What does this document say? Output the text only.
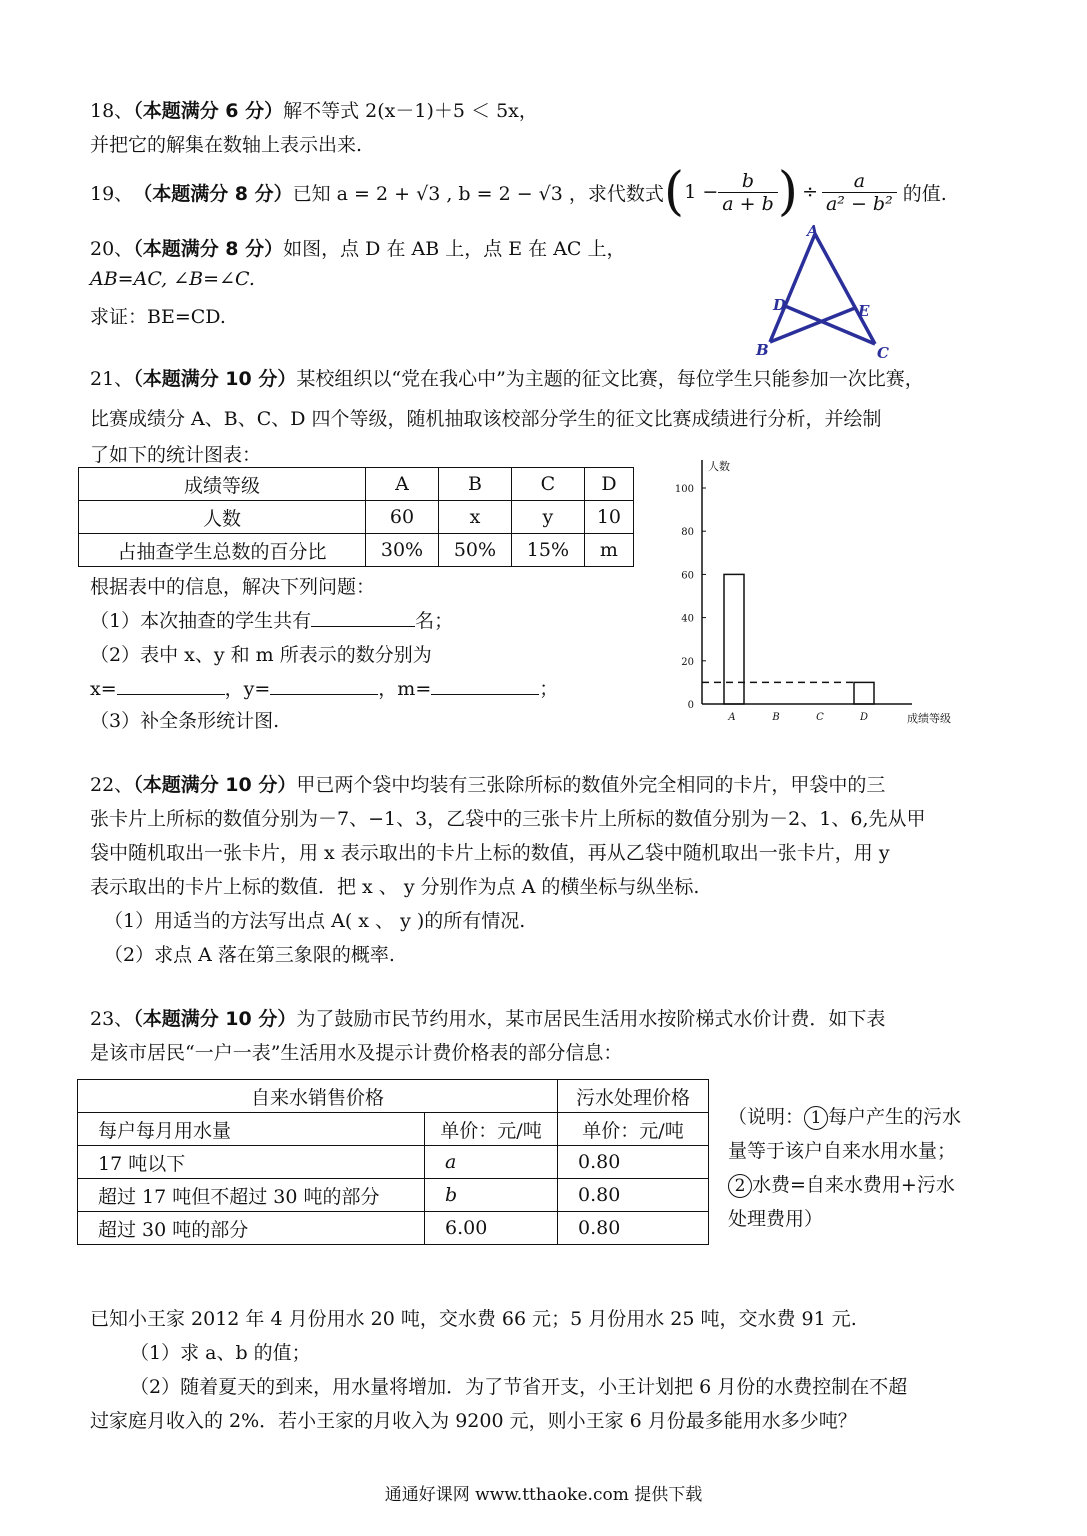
18、（本题满分 6 分）解不等式 2(x－1)＋5 ＜ 5x，
并把它的解集在数轴上表示出来.
19、 （本题满分 8 分） 已知 a = 2 + √3 , b = 2 − √3 ，求代数式 ( $1 - \frac{b}{a + b}$ ) ÷ $\frac{a}{\text{a² − b²}}$ 的值.
20、（本题满分 8 分）如图，点 D 在 AB 上，点 E 在 AC 上，
AB=AC, ∠B=∠C.
求证：BE=CD.
A
B	C
D	E
21、（本题满分 10 分）某校组织以“党在我心中”为主题的征文比赛，每位学生只能参加一次比赛，
比赛成绩分 A、B、C、D 四个等级，随机抽取该校部分学生的征文比赛成绩进行分析，并绘制
了如下的统计图表：
成绩等级	A	B	C	D
人数	60	x	y	10
占抽查学生总数的百分比	30%	50%	15%	m
根据表中的信息，解决下列问题：
（1）本次抽查的学生共有	名；
（2）表中 x、y 和 m 所表示的数分别为
x=	，y=	，m=	；
（3）补全条形统计图.
人数
成绩等级
0
20
40
60
80
100
A	B	C	D
22、（本题满分 10 分）甲已两个袋中均装有三张除所标的数值外完全相同的卡片，甲袋中的三
张卡片上所标的数值分别为－7、−1、3，乙袋中的三张卡片上所标的数值分别为－2、1、6,先从甲
袋中随机取出一张卡片，用 x 表示取出的卡片上标的数值，再从乙袋中随机取出一张卡片，用 y
表示取出的卡片上标的数值．把 x 、 y 分别作为点 A 的横坐标与纵坐标.
（1）用适当的方法写出点 A( x 、 y )的所有情况.
（2）求点 A 落在第三象限的概率.
23、（本题满分 10 分）为了鼓励市民节约用水，某市居民生活用水按阶梯式水价计费．如下表
是该市居民“一户一表”生活用水及提示计费价格表的部分信息：
自来水销售价格		污水处理价格
每户每月用水量	单价：元/吨	单价：元/吨
17 吨以下	a	0.80
超过 17 吨但不超过 30 吨的部分	b	0.80
超过 30 吨的部分	6.00	0.80
（说明： 1 每户产生的污水
量等于该户自来水用水量；
2 水费=自来水费用+污水
处理费用）
已知小王家 2012 年 4 月份用水 20 吨，交水费 66 元；5 月份用水 25 吨，交水费 91 元.
（1）求 a、b 的值；
（2）随着夏天的到来，用水量将增加．为了节省开支，小王计划把 6 月份的水费控制在不超
过家庭月收入的 2%．若小王家的月收入为 9200 元，则小王家 6 月份最多能用水多少吨？
通通好课网 www.tthaoke.com 提供下载
